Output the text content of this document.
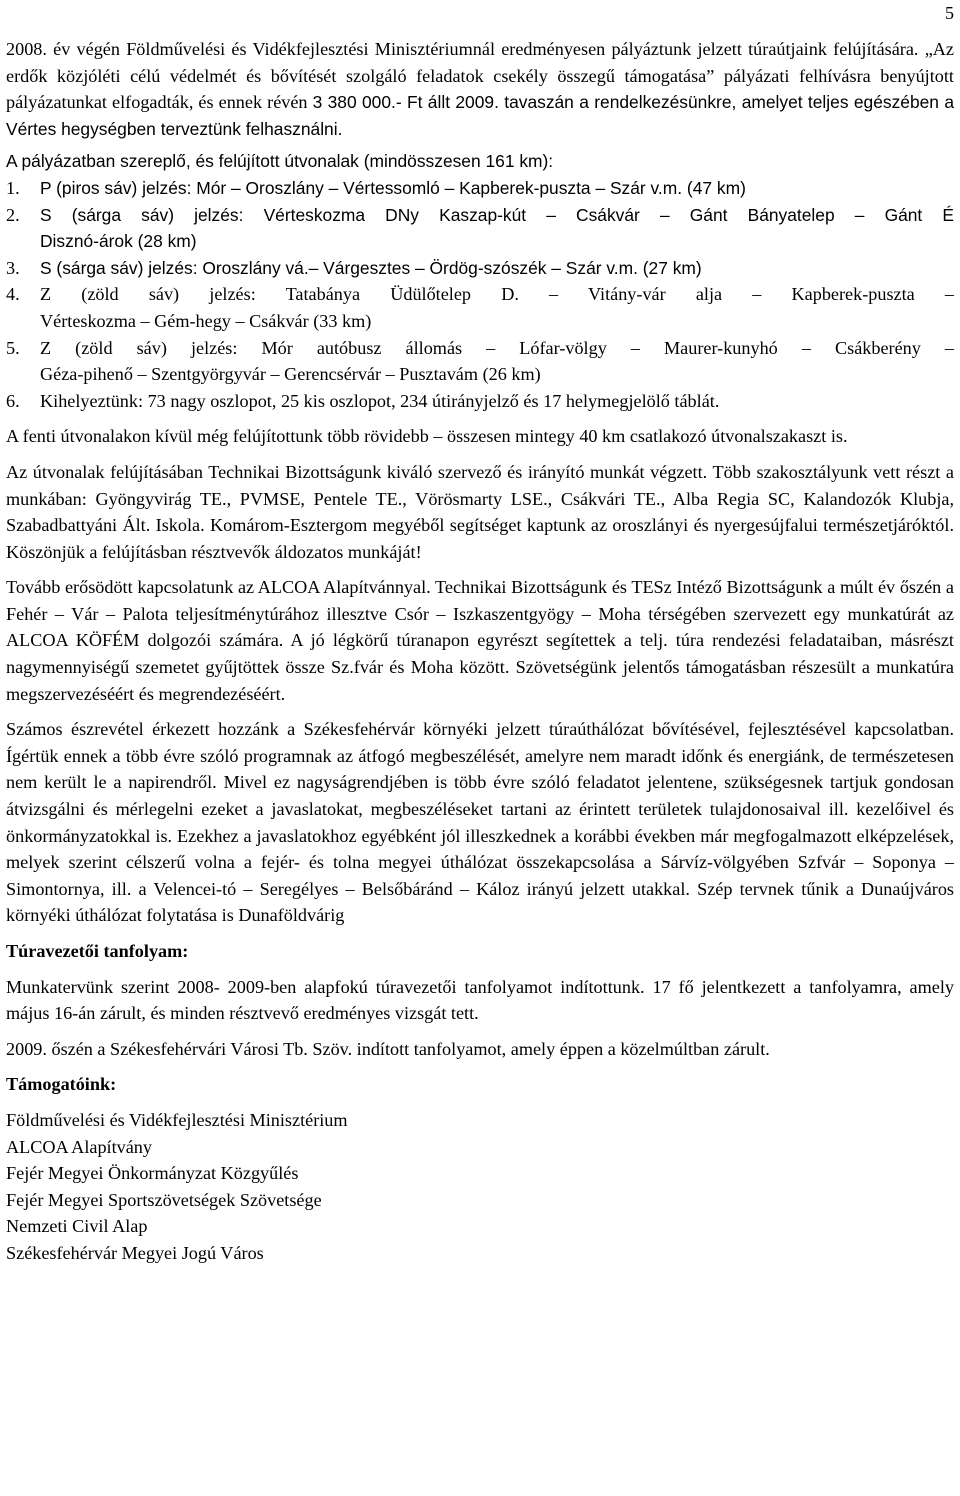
5

2008. év végén Földművelési és Vidékfejlesztési Minisztériumnál eredményesen pályáztunk jelzett túraútjaink felújítására. „Az erdők közjóléti célú védelmét és bővítését szolgáló feladatok csekély összegű támogatása” pályázati felhívásra benyújtott pályázatunkat elfogadták, és ennek révén 3 380 000.- Ft állt 2009. tavaszán a rendelkezésünkre, amelyet teljes egészében a Vértes hegységben terveztünk felhasználni.

A pályázatban szereplő, és felújított útvonalak (mindösszesen 161 km):

1. P (piros sáv) jelzés: Mór – Oroszlány – Vértessomló – Kapberek-puszta – Szár v.m. (47 km)
2. S (sárga sáv) jelzés: Vérteskozma DNy Kaszap-kút – Csákvár – Gánt Bányatelep – Gánt É
Disznó-árok (28 km)
3. S (sárga sáv) jelzés: Oroszlány vá.– Várgesztes – Ördög-szószék – Szár v.m. (27 km)
4. Z (zöld sáv) jelzés: Tatabánya Üdülőtelep D. – Vitány-vár alja – Kapberek-puszta –
Vérteskozma – Gém-hegy – Csákvár (33 km)
5. Z (zöld sáv) jelzés: Mór autóbusz állomás – Lófar-völgy – Maurer-kunyhó – Csákberény –
Géza-pihenő – Szentgyörgyvár – Gerencsérvár – Pusztavám (26 km)
6. Kihelyeztünk: 73 nagy oszlopot, 25 kis oszlopot, 234 útirányjelző és 17 helymegjelölő táblát.

A fenti útvonalakon kívül még felújítottunk több rövidebb – összesen mintegy 40 km csatlakozó útvonalszakaszt is.

Az útvonalak felújításában Technikai Bizottságunk kiváló szervező és irányító munkát végzett. Több szakosztályunk vett részt a munkában: Gyöngyvirág TE., PVMSE, Pentele TE., Vörösmarty LSE., Csákvári TE., Alba Regia SC, Kalandozók Klubja, Szabadbattyáni Ált. Iskola. Komárom-Esztergom megyéből segítséget kaptunk az oroszlányi és nyergesújfalui természetjáróktól. Köszönjük a felújításban résztvevők áldozatos munkáját!

Tovább erősödött kapcsolatunk az ALCOA Alapítvánnyal. Technikai Bizottságunk és TESz Intéző Bizottságunk a múlt év őszén a Fehér – Vár – Palota teljesítménytúrához illesztve Csór – Iszkaszentgyögy – Moha térségében szervezett egy munkatúrát az ALCOA KÖFÉM dolgozói számára. A jó légkörű túranapon egyrészt segítettek a telj. túra rendezési feladataiban, másrészt nagymennyiségű szemetet gyűjtöttek össze Sz.fvár és Moha között. Szövetségünk jelentős támogatásban részesült a munkatúra megszervezéséért és megrendezéséért.

Számos észrevétel érkezett hozzánk a Székesfehérvár környéki jelzett túraúthálózat bővítésével, fejlesztésével kapcsolatban. Ígértük ennek a több évre szóló programnak az átfogó megbeszélését, amelyre nem maradt időnk és energiánk, de természetesen nem került le a napirendről. Mivel ez nagyságrendjében is több évre szóló feladatot jelentene, szükségesnek tartjuk gondosan átvizsgálni és mérlegelni ezeket a javaslatokat, megbeszéléseket tartani az érintett területek tulajdonosaival ill. kezelőivel és önkormányzatokkal is. Ezekhez a javaslatokhoz egyébként jól illeszkednek a korábbi években már megfogalmazott elképzelések, melyek szerint célszerű volna a fejér- és tolna megyei úthálózat összekapcsolása a Sárvíz-völgyében Szfvár – Soponya – Simontornya, ill. a Velencei-tó – Seregélyes – Belsőbáránd – Káloz irányú jelzett utakkal. Szép tervnek tűnik a Dunaújváros környéki úthálózat folytatása is Dunaföldvárig

Túravezetői tanfolyam:

Munkatervünk szerint 2008- 2009-ben alapfokú túravezetői tanfolyamot indítottunk. 17 fő jelentkezett a tanfolyamra, amely május 16-án zárult, és minden résztvevő eredményes vizsgát tett.

2009. őszén a Székesfehérvári Városi Tb. Szöv. indított tanfolyamot, amely éppen a közelmúltban zárult.

Támogatóink:

Földművelési és Vidékfejlesztési Minisztérium

ALCOA Alapítvány

Fejér Megyei Önkormányzat Közgyűlés

Fejér Megyei Sportszövetségek Szövetsége

Nemzeti Civil Alap

Székesfehérvár Megyei Jogú Város
